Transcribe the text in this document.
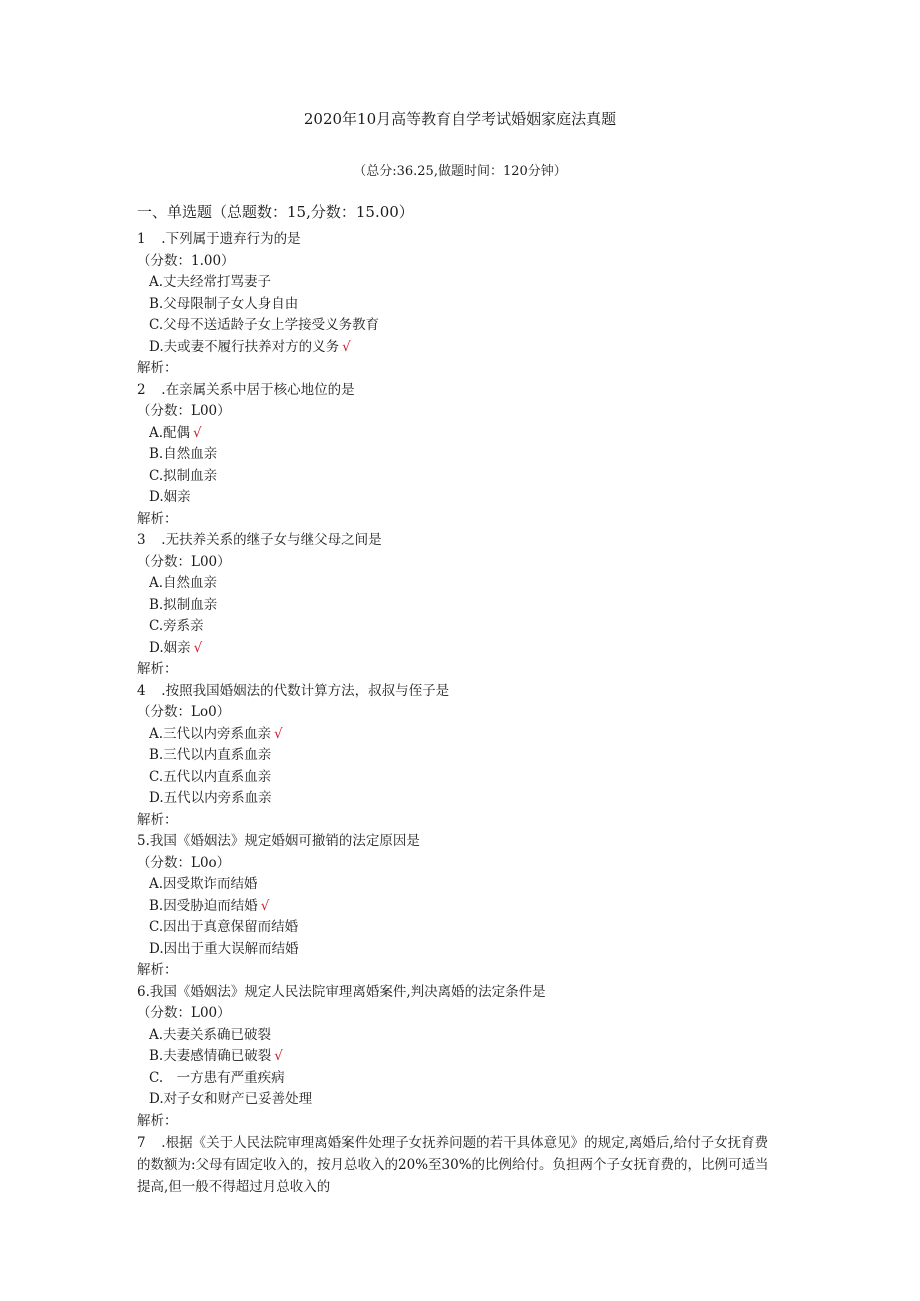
2020年10月高等教育自学考试婚姻家庭法真题
（总分:36.25,做题时间：120分钟）
一、单选题（总题数：15,分数：15.00）
1 .下列属于遗弃行为的是
（分数：1.00）
A.丈夫经常打骂妻子
B.父母限制子女人身自由
C.父母不送适龄子女上学接受义务教育
D.夫或妻不履行扶养对方的义务 √
解析：
2 .在亲属关系中居于核心地位的是
（分数：L00）
A.配偶 √
B.自然血亲
C.拟制血亲
D.姻亲
解析：
3 .无扶养关系的继子女与继父母之间是
（分数：L00）
A.自然血亲
B.拟制血亲
C.旁系亲
D.姻亲 √
解析：
4 .按照我国婚姻法的代数计算方法，叔叔与侄子是
（分数：Lo0）
A.三代以内旁系血亲 √
B.三代以内直系血亲
C.五代以内直系血亲
D.五代以内旁系血亲
解析：
5.我国《婚姻法》规定婚姻可撤销的法定原因是
（分数：L0o）
A.因受欺诈而结婚
B.因受胁迫而结婚 √
C.因出于真意保留而结婚
D.因出于重大误解而结婚
解析：
6.我国《婚姻法》规定人民法院审理离婚案件,判决离婚的法定条件是
（分数：L00）
A.夫妻关系确已破裂
B.夫妻感情确已破裂 √
C.　一方患有严重疾病
D.对子女和财产已妥善处理
解析：
7 .根据《关于人民法院审理离婚案件处理子女抚养问题的若干具体意见》的规定,离婚后,给付子女抚育费的数额为:父母有固定收入的，按月总收入的20%至30%的比例给付。负担两个子女抚育费的，比例可适当提高,但一般不得超过月总收入的
